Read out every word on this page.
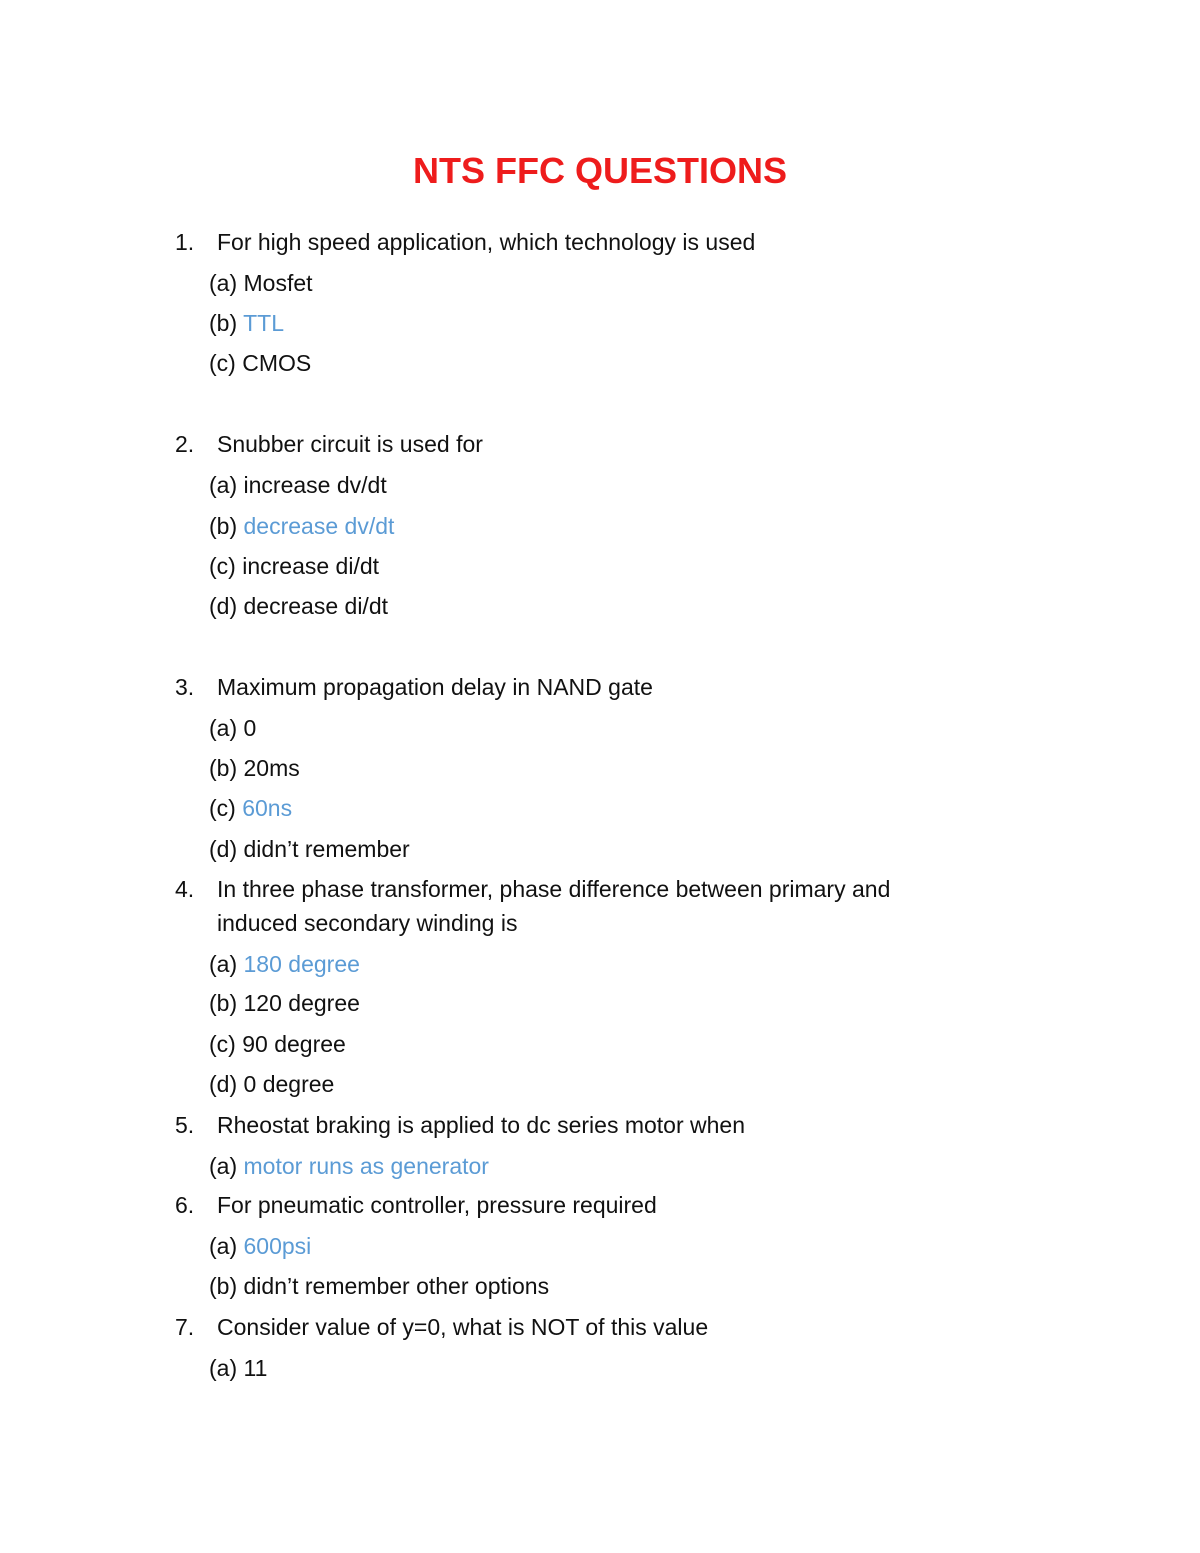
NTS FFC QUESTIONS
1. For high speed application, which technology is used

(a) Mosfet

(b) TTL

(c) CMOS

2. Snubber circuit is used for

(a) increase dv/dt

(b) decrease dv/dt

(c) increase di/dt

(d) decrease di/dt

3. Maximum propagation delay in NAND gate

(a) 0

(b) 20ms

(c) 60ns

(d) didn’t remember

4. In three phase transformer, phase difference between primary and

induced secondary winding is

(a) 180 degree

(b) 120 degree

(c) 90 degree

(d) 0 degree

5. Rheostat braking is applied to dc series motor when

(a) motor runs as generator

6. For pneumatic controller, pressure required

(a) 600psi

(b) didn’t remember other options

7. Consider value of y=0, what is NOT of this value

(a) 11
